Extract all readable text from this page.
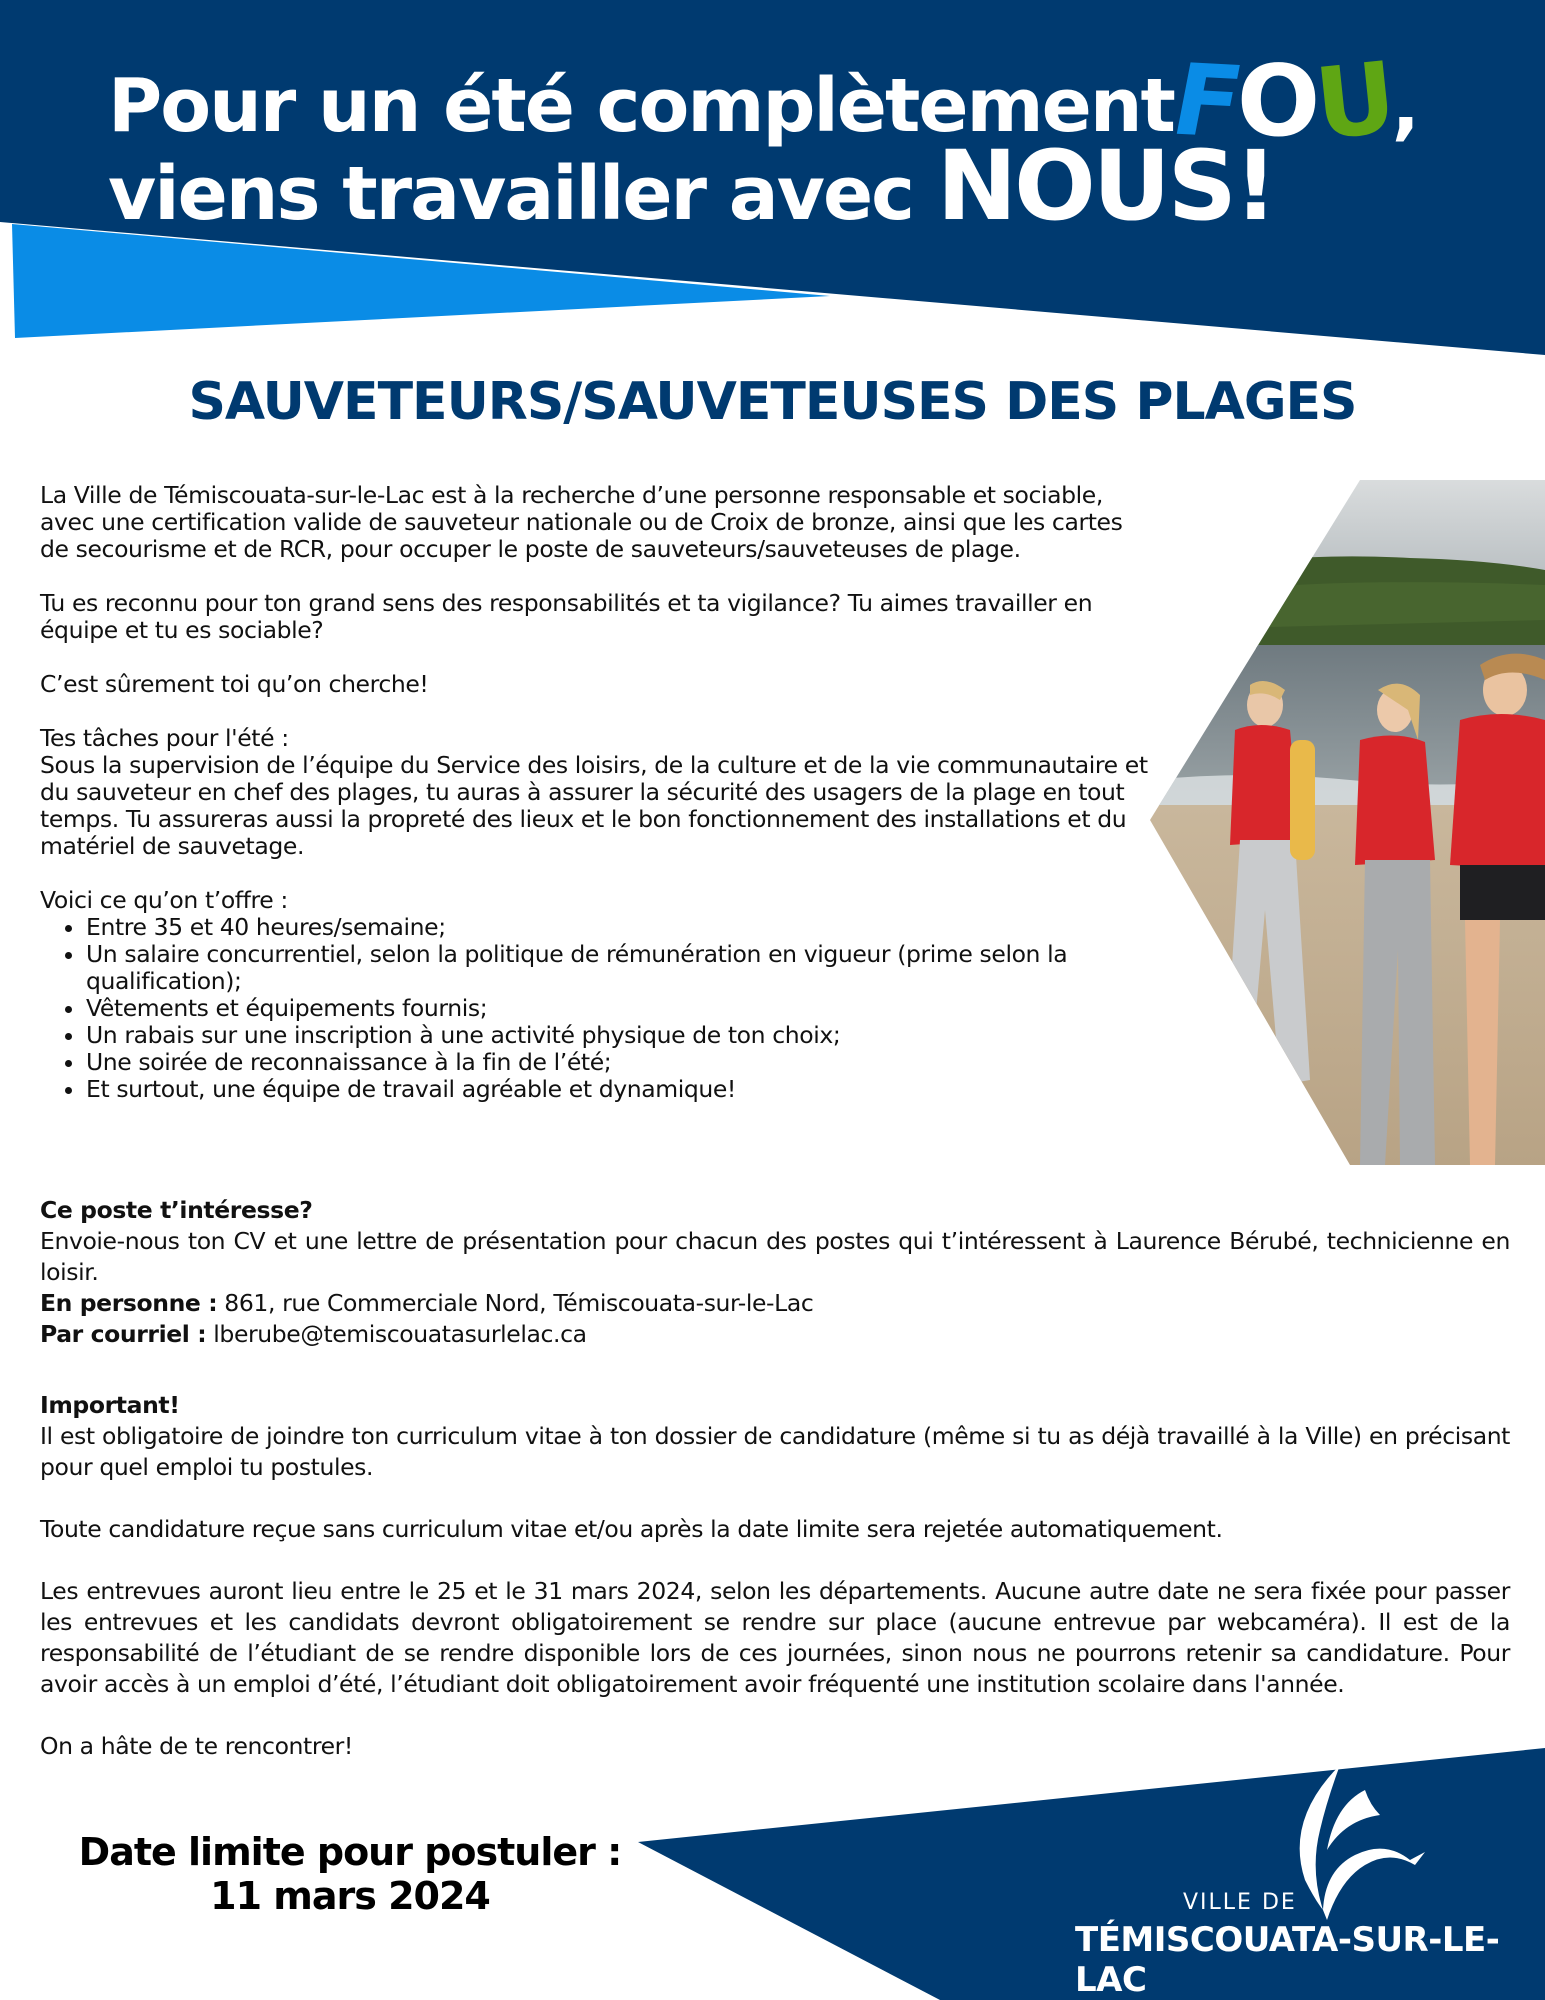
Pour un été complètementFOU,
viens travailler avec NOUS!
SAUVETEURS/SAUVETEUSES DES PLAGES

La Ville de Témiscouata-sur-le-Lac est à la recherche d’une personne responsable et sociable, avec une certification valide de sauveteur nationale ou de Croix de bronze, ainsi que les cartes de secourisme et de RCR, pour occuper le poste de sauveteurs/sauveteuses de plage.

Tu es reconnu pour ton grand sens des responsabilités et ta vigilance? Tu aimes travailler en équipe et tu es sociable?

C’est sûrement toi qu’on cherche!

Tes tâches pour l'été :
Sous la supervision de l’équipe du Service des loisirs, de la culture et de la vie communautaire et du sauveteur en chef des plages, tu auras à assurer la sécurité des usagers de la plage en tout temps. Tu assureras aussi la propreté des lieux et le bon fonctionnement des installations et du matériel de sauvetage.

Voici ce qu’on t’offre :
• Entre 35 et 40 heures/semaine;
• Un salaire concurrentiel, selon la politique de rémunération en vigueur (prime selon la qualification);
• Vêtements et équipements fournis;
• Un rabais sur une inscription à une activité physique de ton choix;
• Une soirée de reconnaissance à la fin de l’été;
• Et surtout, une équipe de travail agréable et dynamique!

Ce poste t’intéresse?

Envoie-nous ton CV et une lettre de présentation pour chacun des postes qui t’intéressent à Laurence Bérubé, technicienne en loisir.

En personne : 861, rue Commerciale Nord, Témiscouata-sur-le-Lac

Par courriel : lberube@temiscouatasurlelac.ca

Important!

Il est obligatoire de joindre ton curriculum vitae à ton dossier de candidature (même si tu as déjà travaillé à la Ville) en précisant pour quel emploi tu postules.

Toute candidature reçue sans curriculum vitae et/ou après la date limite sera rejetée automatiquement.

Les entrevues auront lieu entre le 25 et le 31 mars 2024, selon les départements. Aucune autre date ne sera fixée pour passer les entrevues et les candidats devront obligatoirement se rendre sur place (aucune entrevue par webcaméra). Il est de la responsabilité de l’étudiant de se rendre disponible lors de ces journées, sinon nous ne pourrons retenir sa candidature. Pour avoir accès à un emploi d’été, l’étudiant doit obligatoirement avoir fréquenté une institution scolaire dans l'année.

On a hâte de te rencontrer!

Date limite pour postuler :
11 mars 2024	VILLE DE
TÉMISCOUATA-SUR-LE-LAC
